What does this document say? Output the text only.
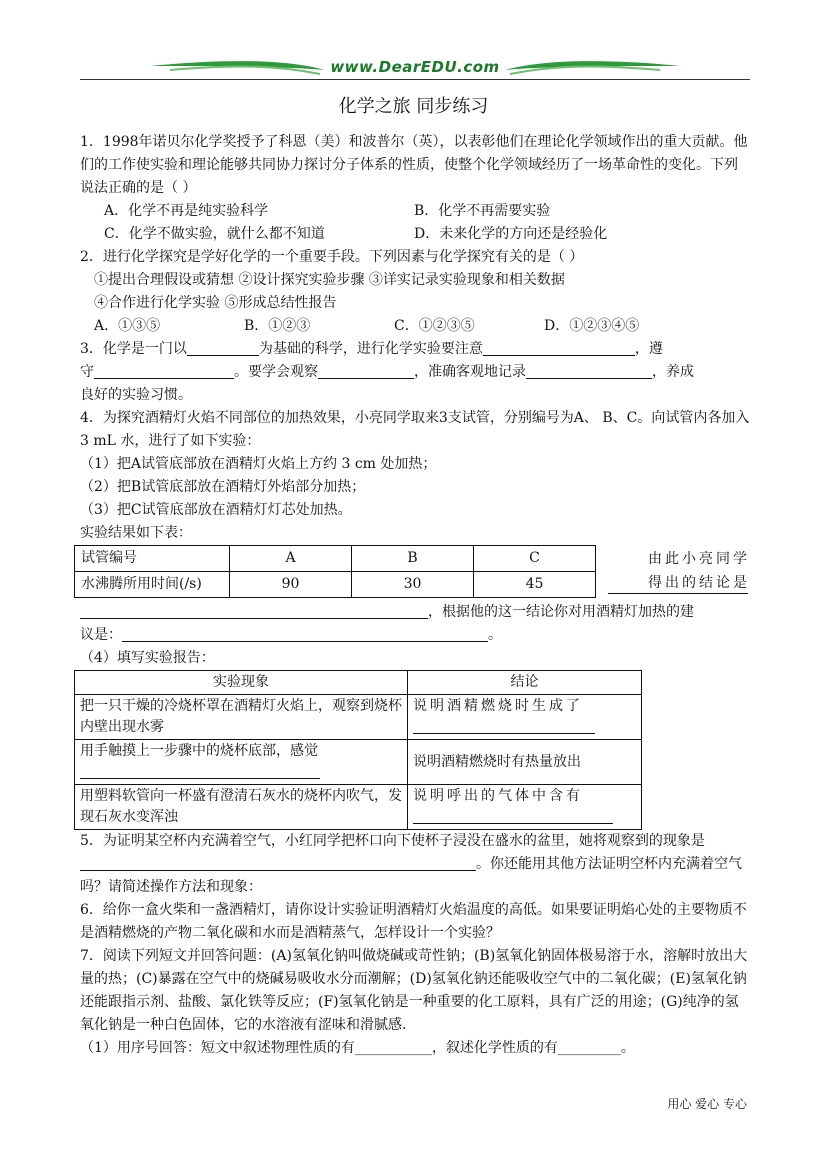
www.DearEDU.com
化学之旅 同步练习

1．1998年诺贝尔化学奖授予了科恩（美）和波普尔（英），以表彰他们在理论化学领域作出的重大贡献。他们的工作使实验和理论能够共同协力探讨分子体系的性质，使整个化学领域经历了一场革命性的变化。下列说法正确的是（ ）

A．化学不再是纯实验科学	B．化学不再需要实验
C．化学不做实验，就什么都不知道	D．未来化学的方向还是经验化

2．进行化学探究是学好化学的一个重要手段。下列因素与化学探究有关的是（ ）

①提出合理假设或猜想 ②设计探究实验步骤 ③详实记录实验现象和相关数据

④合作进行化学实验 ⑤形成总结性报告

A．①③⑤	B．①②③	C．①②③⑤	D．①②③④⑤

3．化学是一门以	为基础的科学，进行化学实验要注意	，遵

守	。要学会观察	，准确客观地记录	，养成

良好的实验习惯。

4．为探究酒精灯火焰不同部位的加热效果，小亮同学取来3支试管，分别编号为A、 B、C。向试管内各加入 3 mL 水，进行了如下实验：

（1）把A试管底部放在酒精灯火焰上方约 3 cm 处加热；

（2）把B试管底部放在酒精灯外焰部分加热；

（3）把C试管底部放在酒精灯灯芯处加热。

实验结果如下表：

试管编号	A	B	C
水沸腾所用时间(/s)	90	30	45
由此小亮同学
得出的结论是

，根据他的这一结论你对用酒精灯加热的建

议是：	。

（4）填写实验报告：

实验现象	结论
把一只干燥的冷烧杯罩在酒精灯火焰上，观察到烧杯内壁出现水雾	说明酒精燃烧时生成了

用手触摸上一步骤中的烧杯底部，感觉	说明酒精燃烧时有热量放出
用塑料软管向一杯盛有澄清石灰水的烧杯内吹气，发现石灰水变浑浊	说明呼出的气体中含有

5．为证明某空杯内充满着空气，小红同学把杯口向下使杯子浸没在盛水的盆里，她将观察到的现象是。你还能用其他方法证明空杯内充满着空气吗？请简述操作方法和现象：

6．给你一盒火柴和一盏酒精灯，请你设计实验证明酒精灯火焰温度的高低。如果要证明焰心处的主要物质不是酒精燃烧的产物二氧化碳和水而是酒精蒸气，怎样设计一个实验？

7．阅读下列短文并回答问题：(A)氢氧化钠叫做烧碱或苛性钠；(B)氢氧化钠固体极易溶于水，溶解时放出大量的热；(C)暴露在空气中的烧碱易吸收水分而潮解；(D)氢氧化钠还能吸收空气中的二氧化碳；(E)氢氧化钠还能跟指示剂、盐酸、氯化铁等反应；(F)氢氧化钠是一种重要的化工原料，具有广泛的用途；(G)纯净的氢氧化钠是一种白色固体，它的水溶液有涩味和滑腻感.

（1）用序号回答：短文中叙述物理性质的有___________，叙述化学性质的有_________。

用心 爱心 专心
